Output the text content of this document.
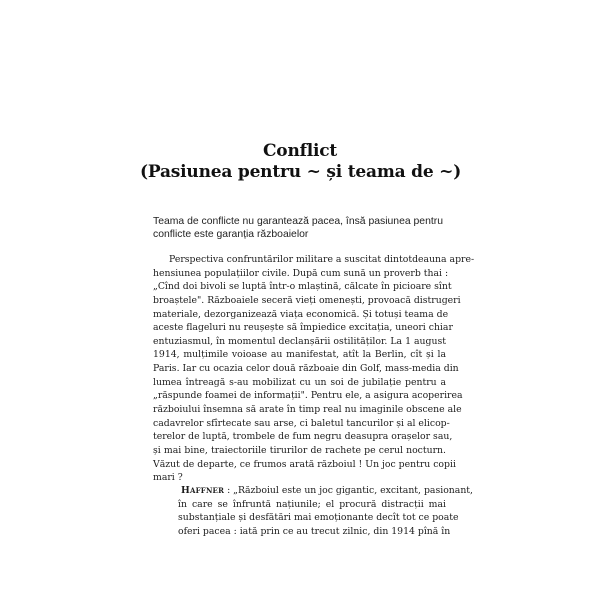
Conflict
(Pasiunea pentru ~ și teama de ~)
Teama de conflicte nu garantează pacea, însă pasiunea pentru
conflicte este garanția războaielor
Perspectiva confruntărilor militare a suscitat dintotdeauna apre-
hensiunea populațiilor civile. După cum sună un proverb thai :
„Cînd doi bivoli se luptă într-o mlaștină, călcate în picioare sînt
broaștele". Războaiele seceră vieți omenești, provoacă distrugeri
materiale, dezorganizează viața economică. Și totuși teama de
aceste flageluri nu reușește să împiedice excitația, uneori chiar
entuziasmul, în momentul declanșării ostilităților. La 1 august
1914, mulțimile voioase au manifestat, atît la Berlin, cît și la
Paris. Iar cu ocazia celor două războaie din Golf, mass-media din
lumea întreagă s-au mobilizat cu un soi de jubilație pentru a
„răspunde foamei de informații". Pentru ele, a asigura acoperirea
războiului însemna să arate în timp real nu imaginile obscene ale
cadavrelor sfîrtecate sau arse, ci baletul tancurilor și al elicop-
terelor de luptă, trombele de fum negru deasupra orașelor sau,
și mai bine, traiectoriile tirurilor de rachete pe cerul nocturn.
Văzut de departe, ce frumos arată războiul ! Un joc pentru copii
mari ?
Haffner : „Războiul este un joc gigantic, excitant, pasionant,
în care se înfruntă națiunile; el procură distracții mai
substanțiale și desfătări mai emoționante decît tot ce poate
oferi pacea : iată prin ce au trecut zilnic, din 1914 pînă în
